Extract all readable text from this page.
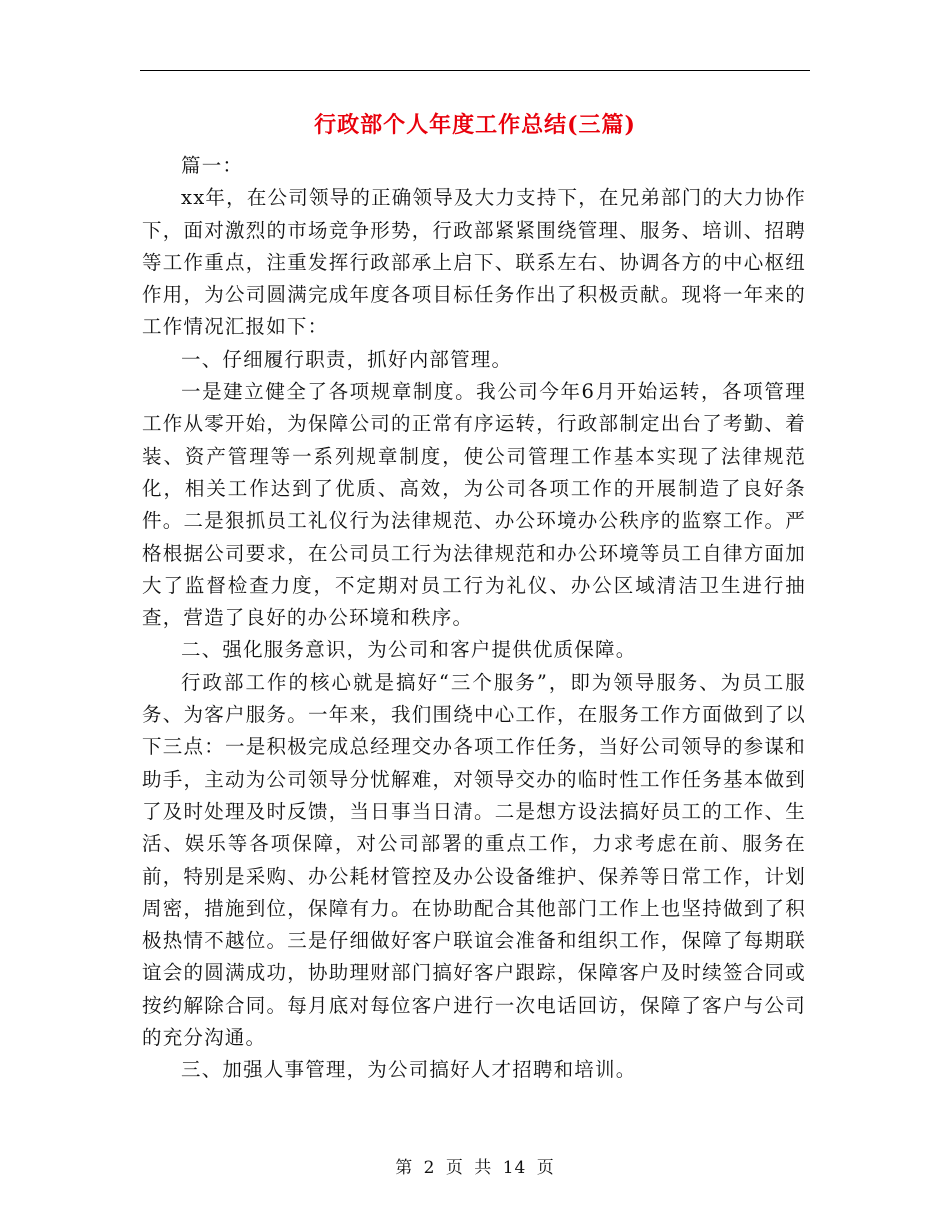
行政部个人年度工作总结(三篇)

篇一：

xx年，在公司领导的正确领导及大力支持下，在兄弟部门的大力协作下，面对激烈的市场竞争形势，行政部紧紧围绕管理、服务、培训、招聘等工作重点，注重发挥行政部承上启下、联系左右、协调各方的中心枢纽作用，为公司圆满完成年度各项目标任务作出了积极贡献。现将一年来的工作情况汇报如下：

一、仔细履行职责，抓好内部管理。

一是建立健全了各项规章制度。我公司今年6月开始运转，各项管理工作从零开始，为保障公司的正常有序运转，行政部制定出台了考勤、着装、资产管理等一系列规章制度，使公司管理工作基本实现了法律规范化，相关工作达到了优质、高效，为公司各项工作的开展制造了良好条件。二是狠抓员工礼仪行为法律规范、办公环境办公秩序的监察工作。严格根据公司要求，在公司员工行为法律规范和办公环境等员工自律方面加大了监督检查力度，不定期对员工行为礼仪、办公区域清洁卫生进行抽查，营造了良好的办公环境和秩序。

二、强化服务意识，为公司和客户提供优质保障。

行政部工作的核心就是搞好“三个服务”，即为领导服务、为员工服务、为客户服务。一年来，我们围绕中心工作，在服务工作方面做到了以下三点：一是积极完成总经理交办各项工作任务，当好公司领导的参谋和助手，主动为公司领导分忧解难，对领导交办的临时性工作任务基本做到了及时处理及时反馈，当日事当日清。二是想方设法搞好员工的工作、生活、娱乐等各项保障，对公司部署的重点工作，力求考虑在前、服务在前，特别是采购、办公耗材管控及办公设备维护、保养等日常工作，计划周密，措施到位，保障有力。在协助配合其他部门工作上也坚持做到了积极热情不越位。三是仔细做好客户联谊会准备和组织工作，保障了每期联谊会的圆满成功，协助理财部门搞好客户跟踪，保障客户及时续签合同或按约解除合同。每月底对每位客户进行一次电话回访，保障了客户与公司的充分沟通。

三、加强人事管理，为公司搞好人才招聘和培训。

第 2 页 共 14 页
